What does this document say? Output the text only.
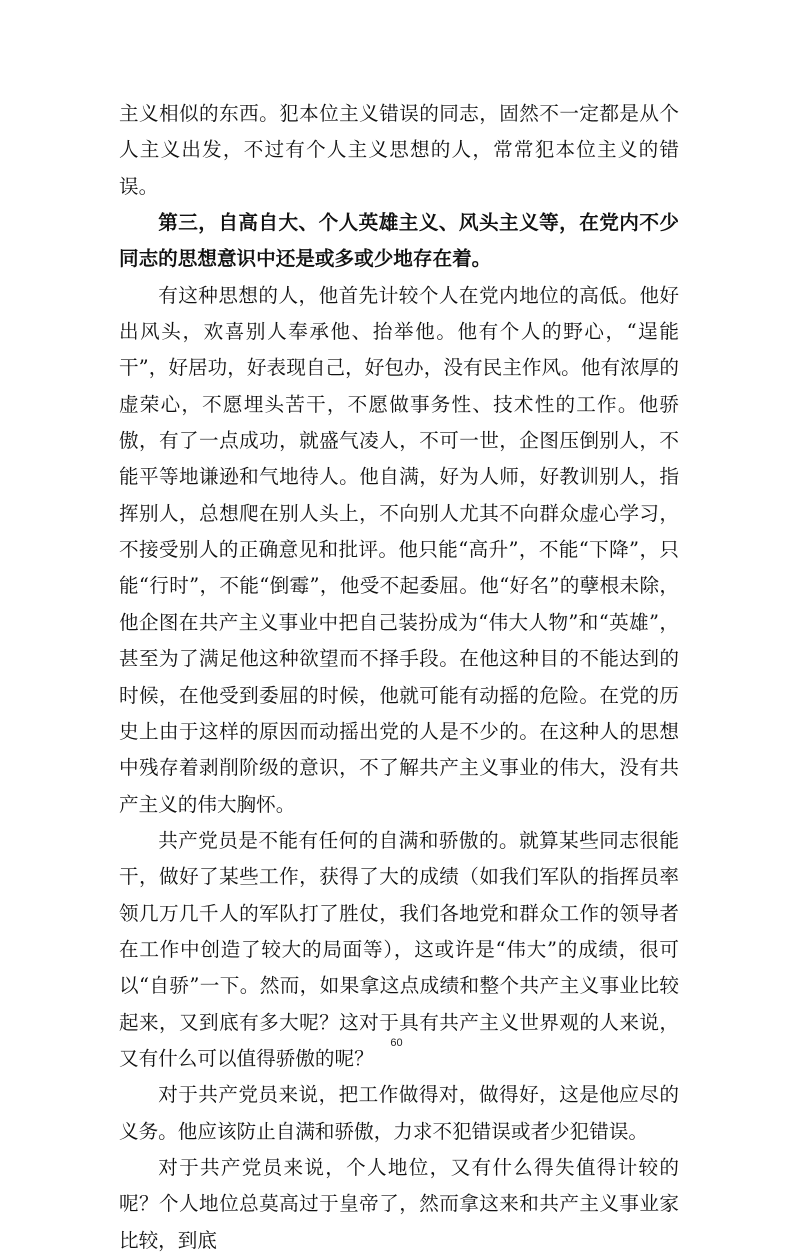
主义相似的东西。犯本位主义错误的同志，固然不一定都是从个人主义出发，不过有个人主义思想的人，常常犯本位主义的错误。

第三，自高自大、个人英雄主义、风头主义等，在党内不少同志的思想意识中还是或多或少地存在着。

有这种思想的人，他首先计较个人在党内地位的高低。他好出风头，欢喜别人奉承他、抬举他。他有个人的野心，“逞能干”，好居功，好表现自己，好包办，没有民主作风。他有浓厚的虚荣心，不愿埋头苦干，不愿做事务性、技术性的工作。他骄傲，有了一点成功，就盛气凌人，不可一世，企图压倒别人，不能平等地谦逊和气地待人。他自满，好为人师，好教训别人，指挥别人，总想爬在别人头上，不向别人尤其不向群众虚心学习，不接受别人的正确意见和批评。他只能“高升”，不能“下降”，只能“行时”，不能“倒霉”，他受不起委屈。他“好名”的孽根未除，他企图在共产主义事业中把自己装扮成为“伟大人物”和“英雄”，甚至为了满足他这种欲望而不择手段。在他这种目的不能达到的时候，在他受到委屈的时候，他就可能有动摇的危险。在党的历史上由于这样的原因而动摇出党的人是不少的。在这种人的思想中残存着剥削阶级的意识，不了解共产主义事业的伟大，没有共产主义的伟大胸怀。

共产党员是不能有任何的自满和骄傲的。就算某些同志很能干，做好了某些工作，获得了大的成绩（如我们军队的指挥员率领几万几千人的军队打了胜仗，我们各地党和群众工作的领导者在工作中创造了较大的局面等），这或许是“伟大”的成绩，很可以“自骄”一下。然而，如果拿这点成绩和整个共产主义事业比较起来，又到底有多大呢？这对于具有共产主义世界观的人来说，又有什么可以值得骄傲的呢？

对于共产党员来说，把工作做得对，做得好，这是他应尽的义务。他应该防止自满和骄傲，力求不犯错误或者少犯错误。

对于共产党员来说，个人地位，又有什么得失值得计较的呢？个人地位总莫高过于皇帝了，然而拿这来和共产主义事业家比较，到底

60
